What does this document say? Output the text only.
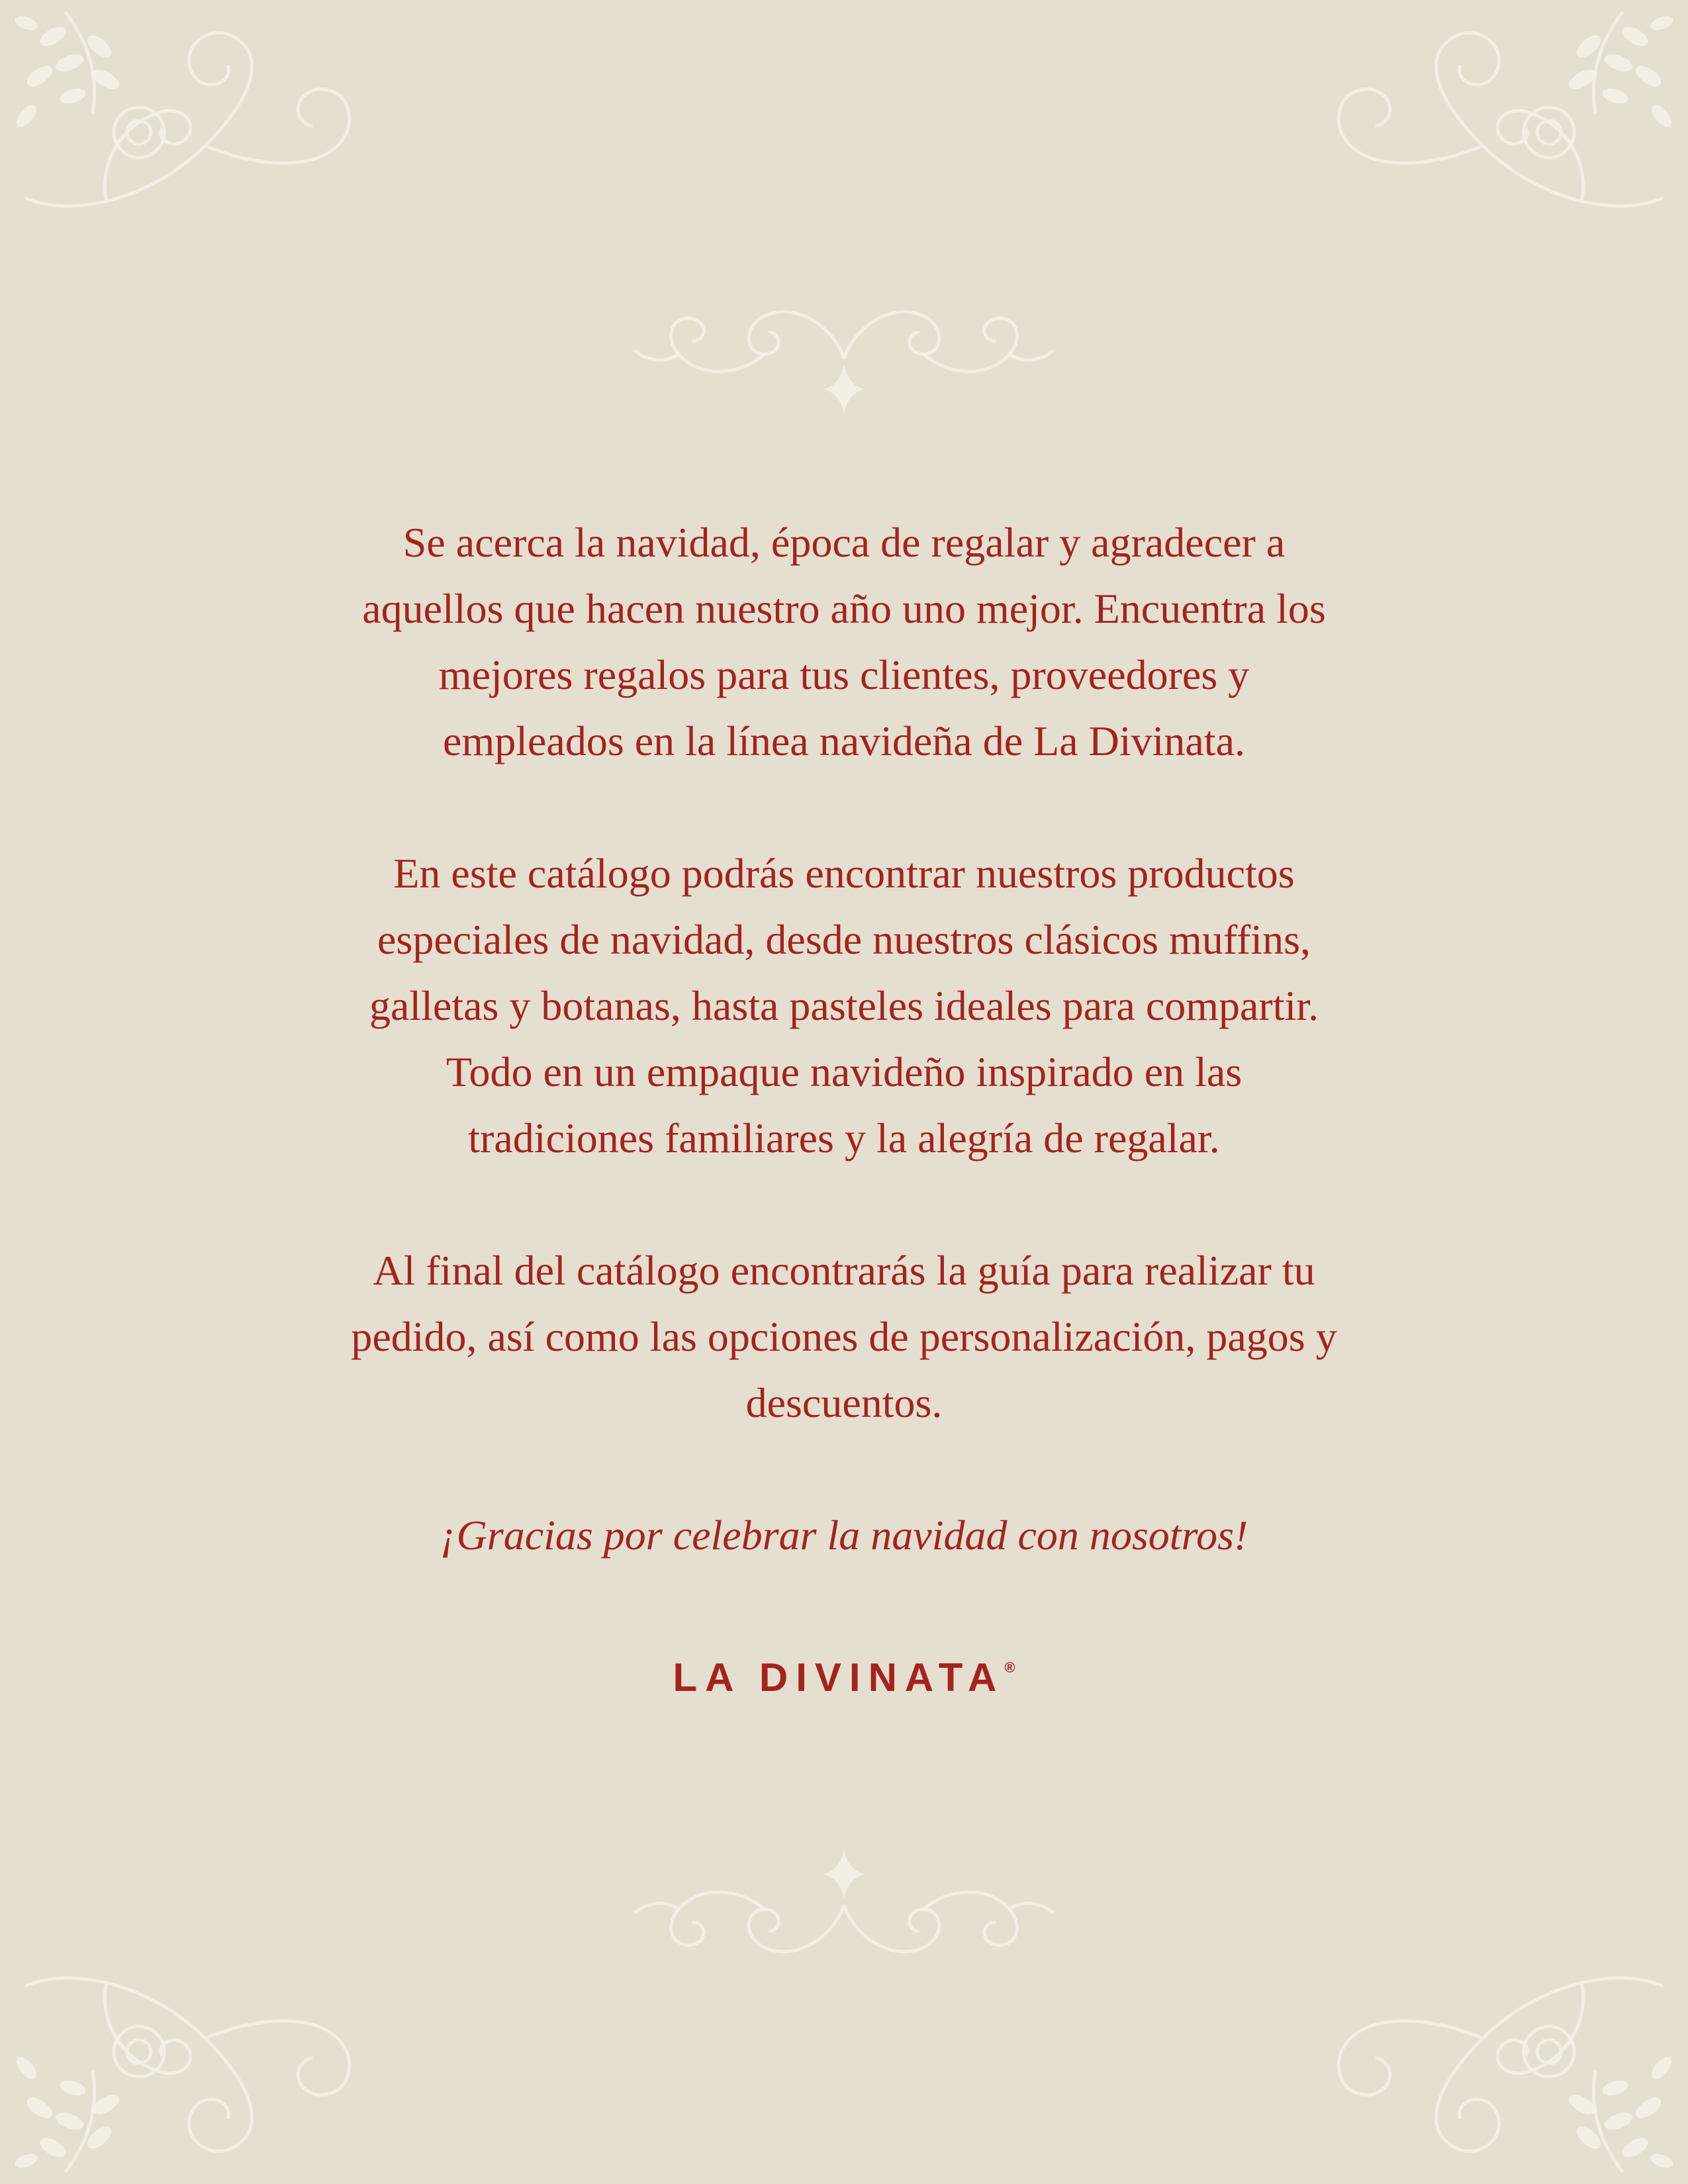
Se acerca la navidad, época de regalar y agradecer a
aquellos que hacen nuestro año uno mejor. Encuentra los
mejores regalos para tus clientes, proveedores y
empleados en la línea navideña de La Divinata.

En este catálogo podrás encontrar nuestros productos
especiales de navidad, desde nuestros clásicos muffins,
galletas y botanas, hasta pasteles ideales para compartir.
Todo en un empaque navideño inspirado en las
tradiciones familiares y la alegría de regalar.

Al final del catálogo encontrarás la guía para realizar tu
pedido, así como las opciones de personalización, pagos y
descuentos.

¡Gracias por celebrar la navidad con nosotros!

LA DIVINATA®
